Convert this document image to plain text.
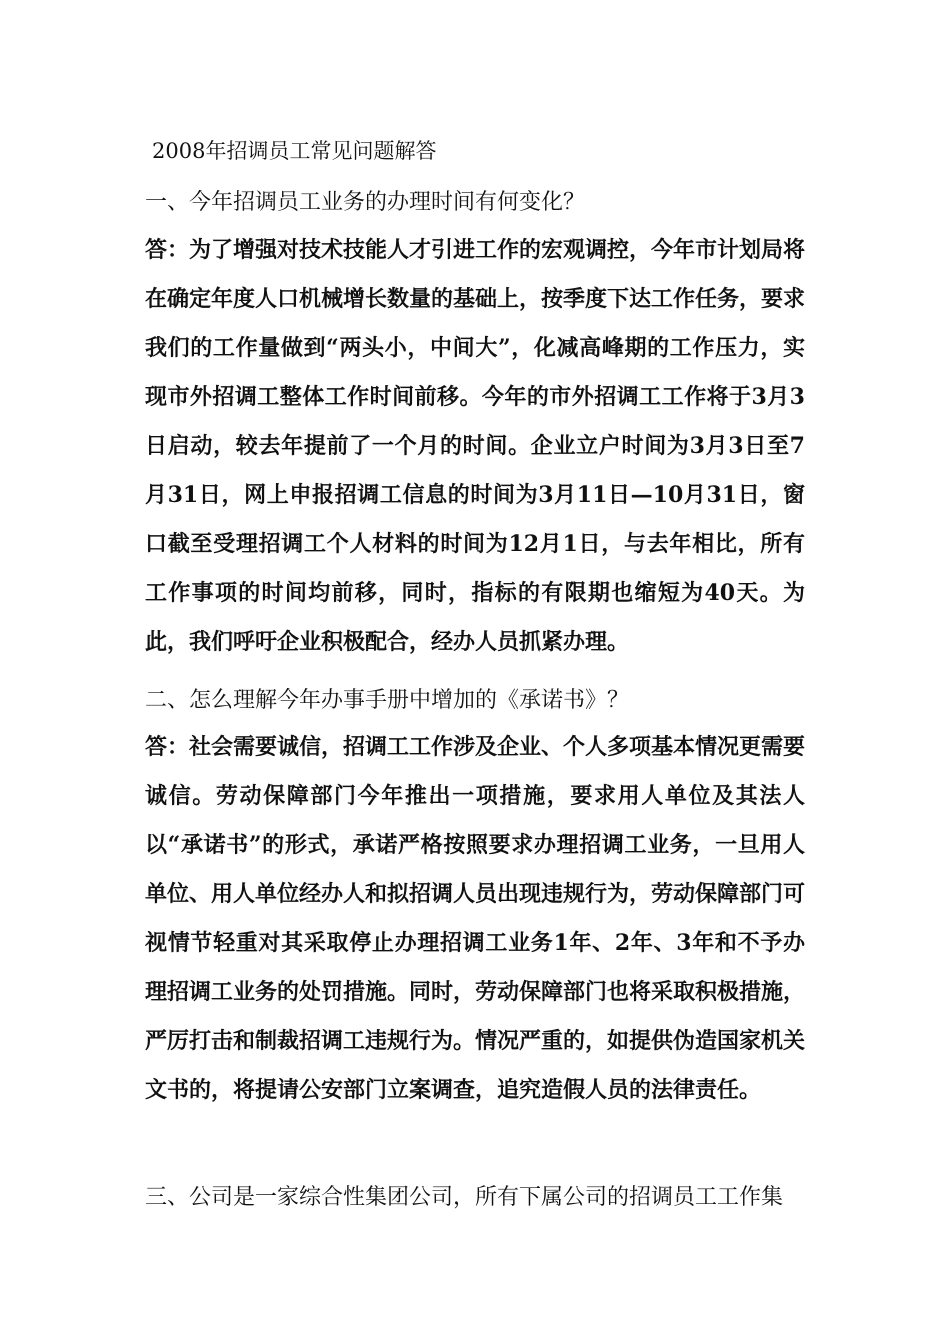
2008年招调员工常见问题解答

一、今年招调员工业务的办理时间有何变化？

答：为了增强对技术技能人才引进工作的宏观调控，今年市计划局将在确定年度人口机械增长数量的基础上，按季度下达工作任务，要求我们的工作量做到“两头小，中间大”，化减高峰期的工作压力，实现市外招调工整体工作时间前移。今年的市外招调工工作将于3月3日启动，较去年提前了一个月的时间。企业立户时间为3月3日至7月31日，网上申报招调工信息的时间为3月11日—10月31日，窗口截至受理招调工个人材料的时间为12月1日，与去年相比，所有工作事项的时间均前移，同时，指标的有限期也缩短为40天。为此，我们呼吁企业积极配合，经办人员抓紧办理。

二、怎么理解今年办事手册中增加的《承诺书》？

答：社会需要诚信，招调工工作涉及企业、个人多项基本情况更需要诚信。劳动保障部门今年推出一项措施，要求用人单位及其法人以“承诺书”的形式，承诺严格按照要求办理招调工业务，一旦用人单位、用人单位经办人和拟招调人员出现违规行为，劳动保障部门可视情节轻重对其采取停止办理招调工业务1年、2年、3年和不予办理招调工业务的处罚措施。同时，劳动保障部门也将采取积极措施，严厉打击和制裁招调工违规行为。情况严重的，如提供伪造国家机关文书的，将提请公安部门立案调查，追究造假人员的法律责任。

三、公司是一家综合性集团公司，所有下属公司的招调员工工作集
